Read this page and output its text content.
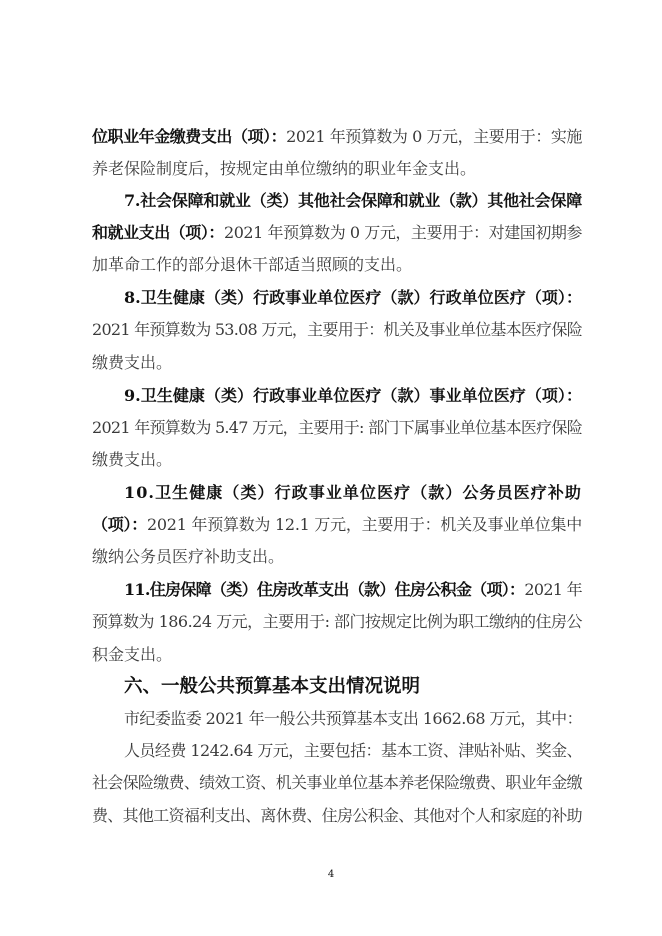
位职业年金缴费支出（项）：2021 年预算数为 0 万元，主要用于：实施
养老保险制度后，按规定由单位缴纳的职业年金支出。
7.社会保障和就业（类）其他社会保障和就业（款）其他社会保障
和就业支出（项）：2021 年预算数为 0 万元，主要用于：对建国初期参
加革命工作的部分退休干部适当照顾的支出。
8.卫生健康（类）行政事业单位医疗（款）行政单位医疗（项）：
2021 年预算数为 53.08 万元，主要用于：机关及事业单位基本医疗保险
缴费支出。
9.卫生健康（类）行政事业单位医疗（款）事业单位医疗（项）：
2021 年预算数为 5.47 万元，主要用于: 部门下属事业单位基本医疗保险
缴费支出。
10.卫生健康（类）行政事业单位医疗（款）公务员医疗补助
（项）：2021 年预算数为 12.1 万元，主要用于：机关及事业单位集中
缴纳公务员医疗补助支出。
11.住房保障（类）住房改革支出（款）住房公积金（项）：2021 年
预算数为 186.24 万元，主要用于: 部门按规定比例为职工缴纳的住房公
积金支出。
六、一般公共预算基本支出情况说明
市纪委监委 2021 年一般公共预算基本支出 1662.68 万元，其中：
人员经费 1242.64 万元，主要包括：基本工资、津贴补贴、奖金、
社会保险缴费、绩效工资、机关事业单位基本养老保险缴费、职业年金缴
费、其他工资福利支出、离休费、住房公积金、其他对个人和家庭的补助
4
